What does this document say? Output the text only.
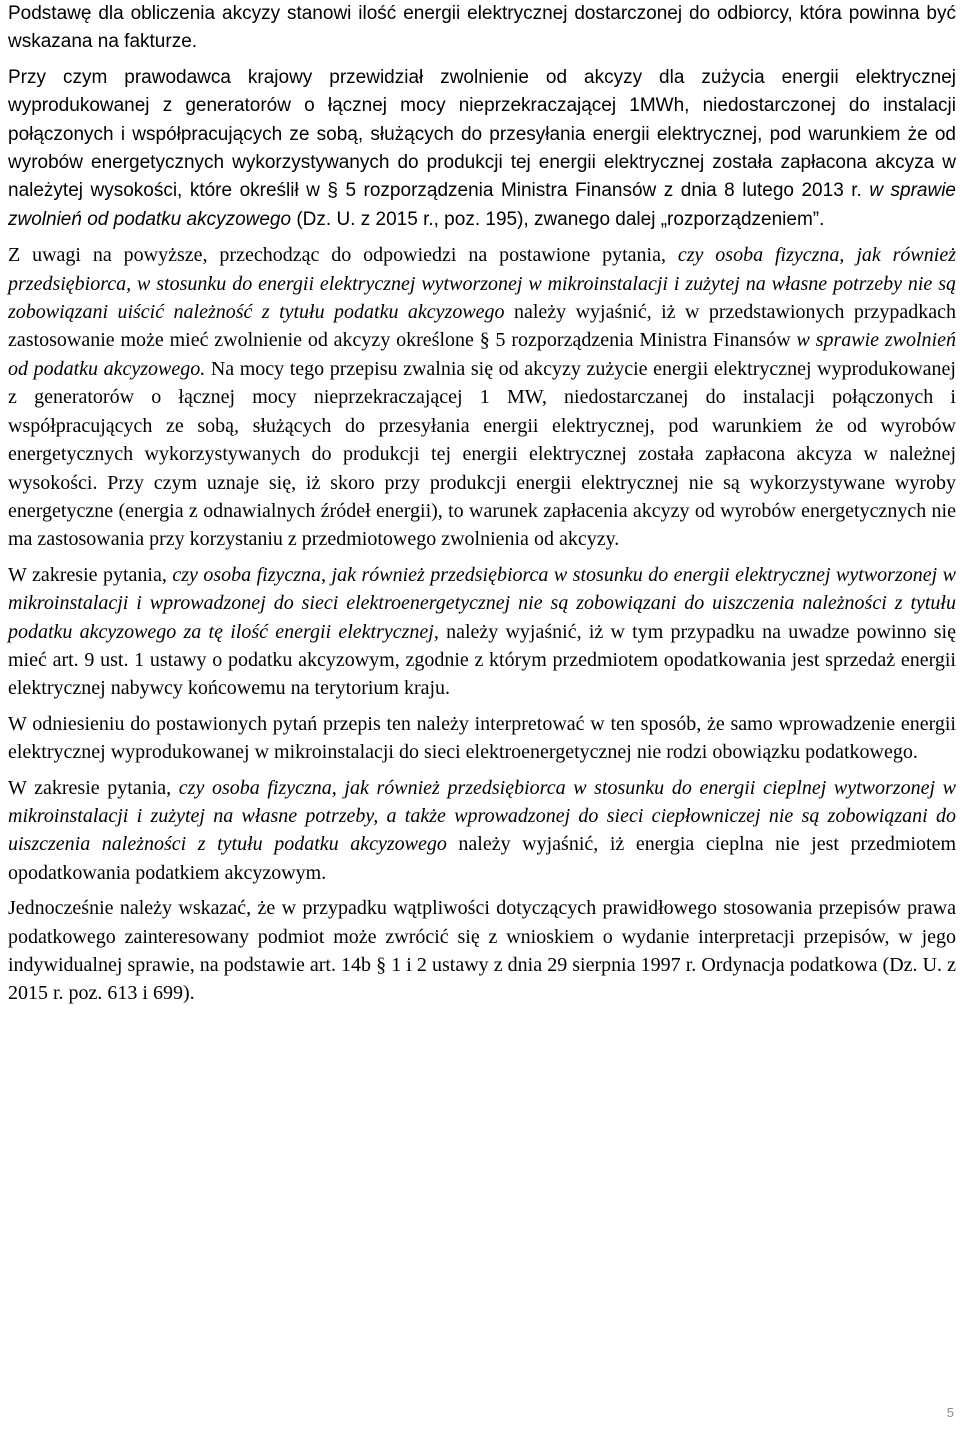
Podstawę dla obliczenia akcyzy stanowi ilość energii elektrycznej dostarczonej do odbiorcy, która powinna być wskazana na fakturze.

Przy czym prawodawca krajowy przewidział zwolnienie od akcyzy dla zużycia energii elektrycznej wyprodukowanej z generatorów o łącznej mocy nieprzekraczającej 1MWh, niedostarczonej do instalacji połączonych i współpracujących ze sobą, służących do przesyłania energii elektrycznej, pod warunkiem że od wyrobów energetycznych wykorzystywanych do produkcji tej energii elektrycznej została zapłacona akcyza w należytej wysokości, które określił w § 5 rozporządzenia Ministra Finansów z dnia 8 lutego 2013 r. w sprawie zwolnień od podatku akcyzowego (Dz. U. z 2015 r., poz. 195), zwanego dalej „rozporządzeniem”.

Z uwagi na powyższe, przechodząc do odpowiedzi na postawione pytania, czy osoba fizyczna, jak również przedsiębiorca, w stosunku do energii elektrycznej wytworzonej w mikroinstalacji i zużytej na własne potrzeby nie są zobowiązani uiścić należność z tytułu podatku akcyzowego należy wyjaśnić, iż w przedstawionych przypadkach zastosowanie może mieć zwolnienie od akcyzy określone § 5 rozporządzenia Ministra Finansów w sprawie zwolnień od podatku akcyzowego. Na mocy tego przepisu zwalnia się od akcyzy zużycie energii elektrycznej wyprodukowanej z generatorów o łącznej mocy nieprzekraczającej 1 MW, niedostarczanej do instalacji połączonych i współpracujących ze sobą, służących do przesyłania energii elektrycznej, pod warunkiem że od wyrobów energetycznych wykorzystywanych do produkcji tej energii elektrycznej została zapłacona akcyza w należnej wysokości. Przy czym uznaje się, iż skoro przy produkcji energii elektrycznej nie są wykorzystywane wyroby energetyczne (energia z odnawialnych źródeł energii), to warunek zapłacenia akcyzy od wyrobów energetycznych nie ma zastosowania przy korzystaniu z przedmiotowego zwolnienia od akcyzy.

W zakresie pytania, czy osoba fizyczna, jak również przedsiębiorca w stosunku do energii elektrycznej wytworzonej w mikroinstalacji i wprowadzonej do sieci elektroenergetycznej nie są zobowiązani do uiszczenia należności z tytułu podatku akcyzowego za tę ilość energii elektrycznej, należy wyjaśnić, iż w tym przypadku na uwadze powinno się mieć art. 9 ust. 1 ustawy o podatku akcyzowym, zgodnie z którym przedmiotem opodatkowania jest sprzedaż energii elektrycznej nabywcy końcowemu na terytorium kraju.

W odniesieniu do postawionych pytań przepis ten należy interpretować w ten sposób, że samo wprowadzenie energii elektrycznej wyprodukowanej w mikroinstalacji do sieci elektroenergetycznej nie rodzi obowiązku podatkowego.

W zakresie pytania, czy osoba fizyczna, jak również przedsiębiorca w stosunku do energii cieplnej wytworzonej w mikroinstalacji i zużytej na własne potrzeby, a także wprowadzonej do sieci ciepłowniczej nie są zobowiązani do uiszczenia należności z tytułu podatku akcyzowego należy wyjaśnić, iż energia cieplna nie jest przedmiotem opodatkowania podatkiem akcyzowym.

Jednocześnie należy wskazać, że w przypadku wątpliwości dotyczących prawidłowego stosowania przepisów prawa podatkowego zainteresowany podmiot może zwrócić się z wnioskiem o wydanie interpretacji przepisów, w jego indywidualnej sprawie, na podstawie art. 14b § 1 i 2 ustawy z dnia 29 sierpnia 1997 r. Ordynacja podatkowa (Dz. U. z 2015 r. poz. 613 i 699).

5
